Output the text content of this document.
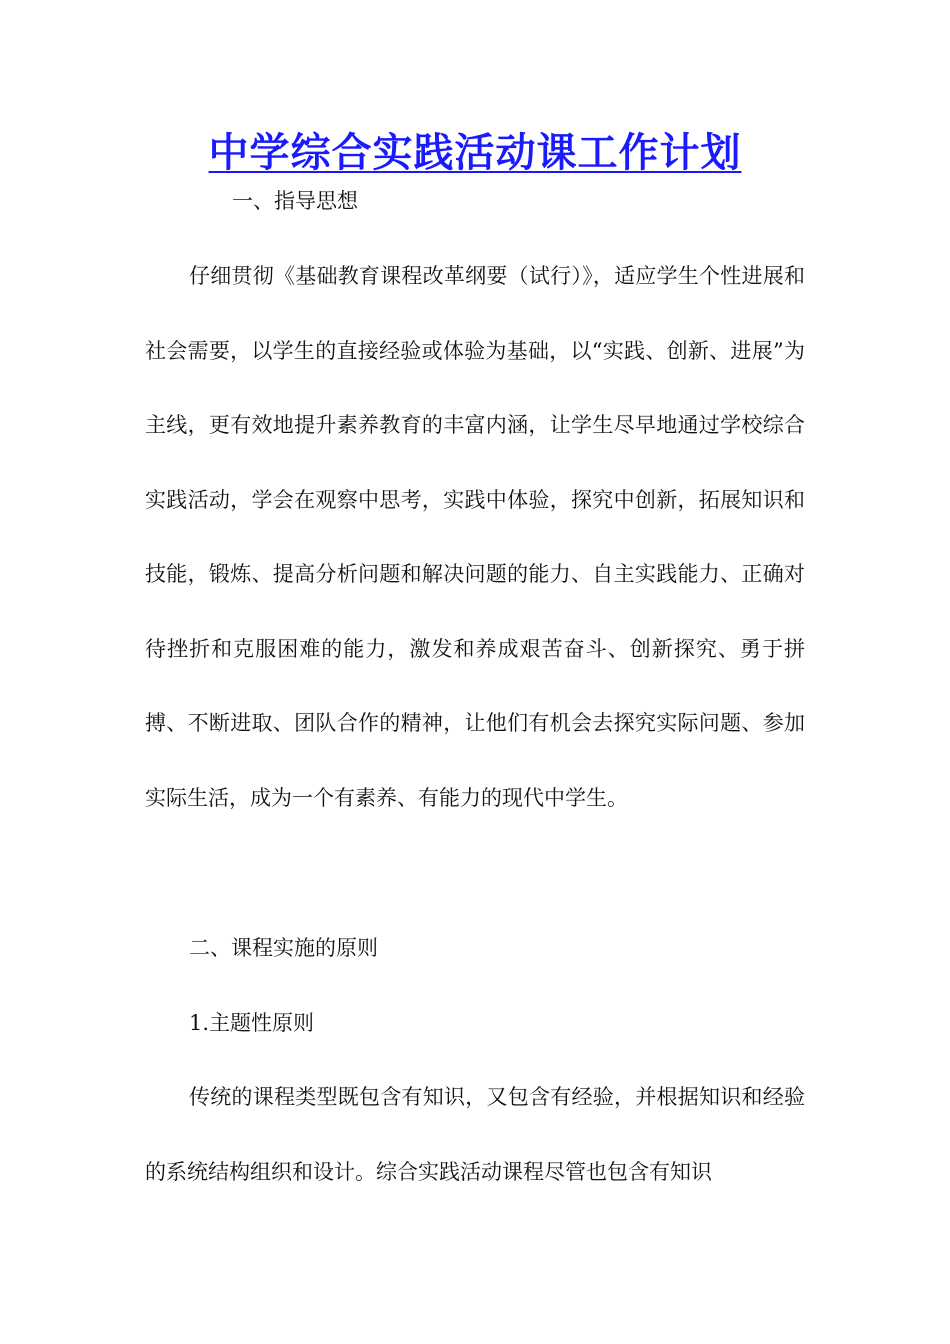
中学综合实践活动课工作计划

一、指导思想

仔细贯彻《基础教育课程改革纲要（试行）》，适应学生个性进展和社会需要，以学生的直接经验或体验为基础，以“实践、创新、进展”为主线，更有效地提升素养教育的丰富内涵，让学生尽早地通过学校综合实践活动，学会在观察中思考，实践中体验，探究中创新，拓展知识和技能，锻炼、提高分析问题和解决问题的能力、自主实践能力、正确对待挫折和克服困难的能力，激发和养成艰苦奋斗、创新探究、勇于拼搏、不断进取、团队合作的精神，让他们有机会去探究实际问题、参加实际生活，成为一个有素养、有能力的现代中学生。

二、课程实施的原则

1.主题性原则

传统的课程类型既包含有知识，又包含有经验，并根据知识和经验的系统结构组织和设计。综合实践活动课程尽管也包含有知识
